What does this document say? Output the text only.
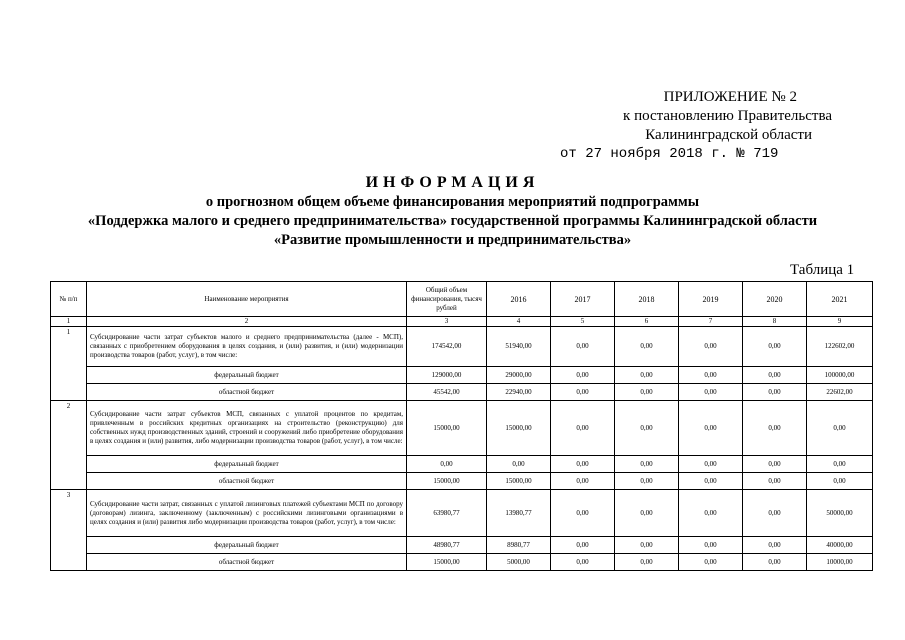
ПРИЛОЖЕНИЕ № 2
к постановлению Правительства
Калининградской области
от 27 ноября 2018 г. № 719
ИНФОРМАЦИЯ
о прогнозном общем объеме финансирования мероприятий подпрограммы
«Поддержка малого и среднего предпринимательства» государственной программы Калининградской области
«Развитие промышленности и предпринимательства»
Таблица 1
№ п/п	Наименование мероприятия	Общий объем финансирования, тысяч рублей	2016	2017	2018	2019	2020	2021
1	2	3	4	5	6	7	8	9
1	Субсидирование части затрат субъектов малого и среднего предпринимательства (далее - МСП), связанных с приобретением оборудования в целях создания, и (или) развития, и (или) модернизации производства товаров (работ, услуг), в том числе:	174542,00	51940,00	0,00	0,00	0,00	0,00	122602,00
	федеральный бюджет	129000,00	29000,00	0,00	0,00	0,00	0,00	100000,00
	областной бюджет	45542,00	22940,00	0,00	0,00	0,00	0,00	22602,00
2	Субсидирование части затрат субъектов МСП, связанных с уплатой процентов по кредитам, привлеченным в российских кредитных организациях на строительство (реконструкцию) для собственных нужд производственных зданий, строений и сооружений либо приобретение оборудования в целях создания и (или) развития, либо модернизации производства товаров (работ, услуг), в том числе:	15000,00	15000,00	0,00	0,00	0,00	0,00	0,00
	федеральный бюджет	0,00	0,00	0,00	0,00	0,00	0,00	0,00
	областной бюджет	15000,00	15000,00	0,00	0,00	0,00	0,00	0,00
3	Субсидирование части затрат, связанных с уплатой лизинговых платежей субъектами МСП по договору (договорам) лизинга, заключенному (заключенным) с российскими лизинговыми организациями в целях создания и (или) развития либо модернизации производства товаров (работ, услуг), в том числе:	63980,77	13980,77	0,00	0,00	0,00	0,00	50000,00
	федеральный бюджет	48980,77	8980,77	0,00	0,00	0,00	0,00	40000,00
	областной бюджет	15000,00	5000,00	0,00	0,00	0,00	0,00	10000,00
